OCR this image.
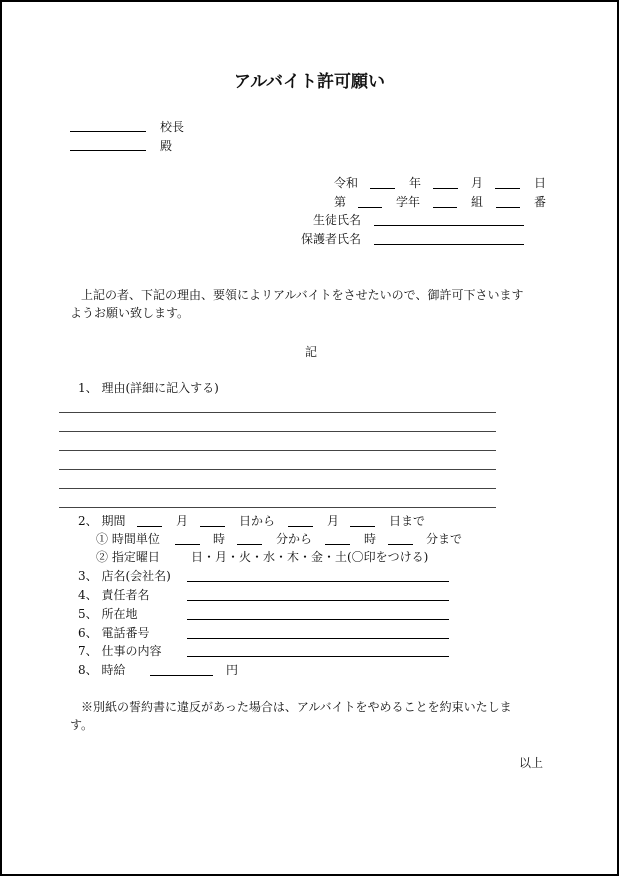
アルバイト許可願い
校長
殿
令和	年	月	日
第	学年	組	番
生徒氏名
保護者氏名
上記の者、下記の理由、要領によリアルバイトをさせたいので、御許可下さいます
ようお願い致します。
記
1、 理由(詳細に記入する)
2、 期間	月	日から	月	日まで
① 時間単位	時	分から	時	分まで
② 指定曜日	日・月・火・水・木・金・土(〇印をつける)
3、 店名(会社名)
4、 責任者名
5、 所在地
6、 電話番号
7、 仕事の内容
8、 時給	円
※別紙の誓約書に違反があった場合は、アルバイトをやめることを約束いたしま
す。
以上
